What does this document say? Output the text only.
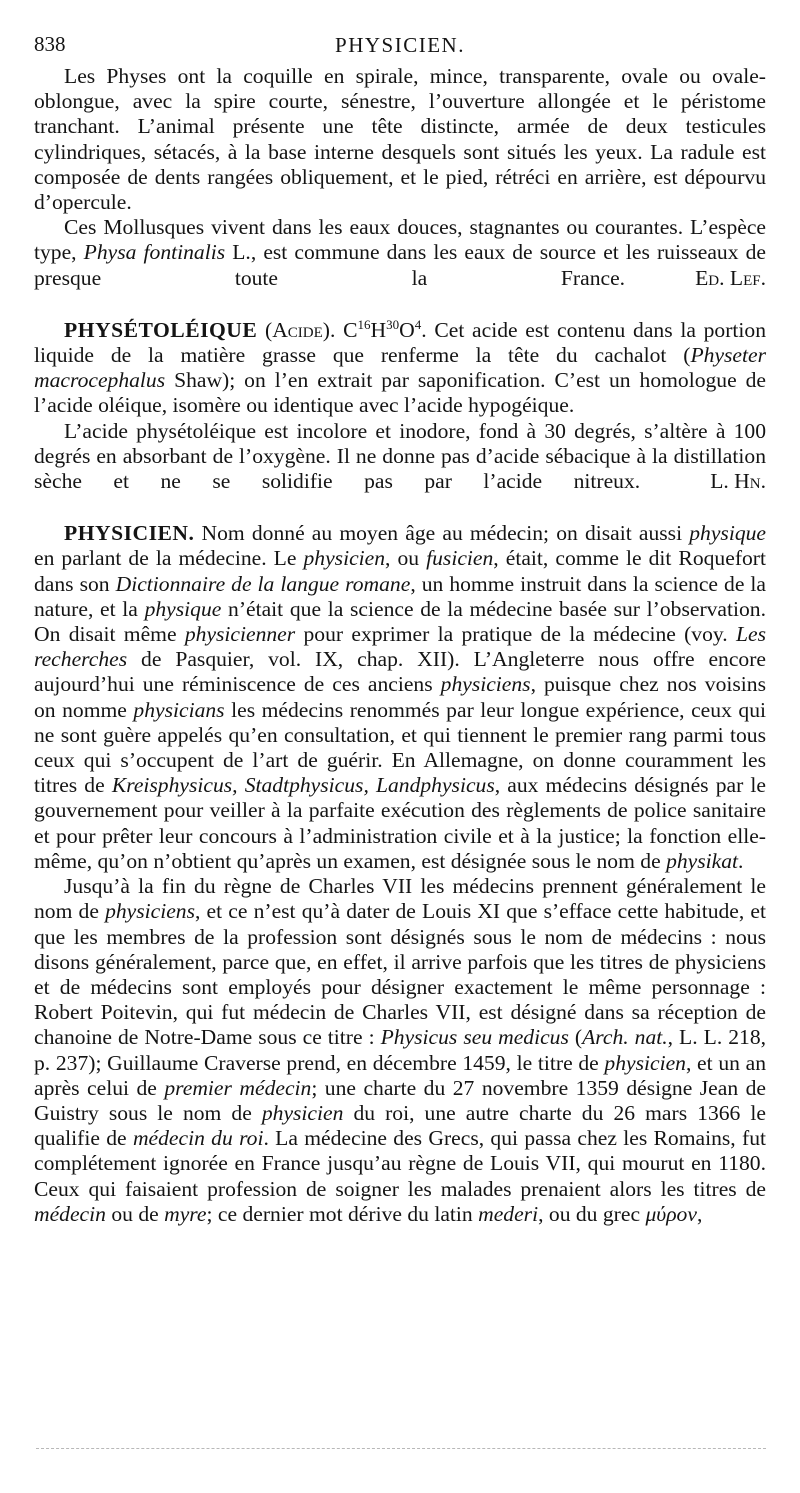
838	PHYSICIEN.

Les Physes ont la coquille en spirale, mince, transparente, ovale ou ovale-oblongue, avec la spire courte, sénestre, l’ouverture allongée et le péristome tranchant. L’animal présente une tête distincte, armée de deux testicules cylindriques, sétacés, à la base interne desquels sont situés les yeux. La radule est composée de dents rangées obliquement, et le pied, rétréci en arrière, est dépourvu d’opercule.

Ces Mollusques vivent dans les eaux douces, stagnantes ou courantes. L’espèce type, Physa fontinalis L., est commune dans les eaux de source et les ruisseaux de presque toute la France.	Ed. Lef.

PHYSÉTOLÉIQUE (Acide). $C^{16}H^{30}O^4$. Cet acide est contenu dans la portion liquide de la matière grasse que renferme la tête du cachalot (Physeter macrocephalus Shaw); on l’en extrait par saponification. C’est un homologue de l’acide oléique, isomère ou identique avec l’acide hypogéique.

L’acide physétoléique est incolore et inodore, fond à 30 degrés, s’altère à 100 degrés en absorbant de l’oxygène. Il ne donne pas d’acide sébacique à la distillation sèche et ne se solidifie pas par l’acide nitreux.	L. Hn.

PHYSICIEN. Nom donné au moyen âge au médecin; on disait aussi physique en parlant de la médecine. Le physicien, ou fusicien, était, comme le dit Roquefort dans son Dictionnaire de la langue romane, un homme instruit dans la science de la nature, et la physique n’était que la science de la médecine basée sur l’observation. On disait même physicienner pour exprimer la pratique de la médecine (voy. Les recherches de Pasquier, vol. IX, chap. XII). L’Angleterre nous offre encore aujourd’hui une réminiscence de ces anciens physiciens, puisque chez nos voisins on nomme physicians les médecins renommés par leur longue expérience, ceux qui ne sont guère appelés qu’en consultation, et qui tiennent le premier rang parmi tous ceux qui s’occupent de l’art de guérir. En Allemagne, on donne couramment les titres de Kreisphysicus, Stadtphysicus, Landphysicus, aux médecins désignés par le gouvernement pour veiller à la parfaite exécution des règlements de police sanitaire et pour prêter leur concours à l’administration civile et à la justice; la fonction elle-même, qu’on n’obtient qu’après un examen, est désignée sous le nom de physikat.

Jusqu’à la fin du règne de Charles VII les médecins prennent généralement le nom de physiciens, et ce n’est qu’à dater de Louis XI que s’efface cette habitude, et que les membres de la profession sont désignés sous le nom de médecins : nous disons généralement, parce que, en effet, il arrive parfois que les titres de physiciens et de médecins sont employés pour désigner exactement le même personnage : Robert Poitevin, qui fut médecin de Charles VII, est désigné dans sa réception de chanoine de Notre-Dame sous ce titre : Physicus seu medicus (Arch. nat., L. L. 218, p. 237); Guillaume Craverse prend, en décembre 1459, le titre de physicien, et un an après celui de premier médecin; une charte du 27 novembre 1359 désigne Jean de Guistry sous le nom de physicien du roi, une autre charte du 26 mars 1366 le qualifie de médecin du roi. La médecine des Grecs, qui passa chez les Romains, fut complétement ignorée en France jusqu’au règne de Louis VII, qui mourut en 1180. Ceux qui faisaient profession de soigner les malades prenaient alors les titres de médecin ou de myre; ce dernier mot dérive du latin mederi, ou du grec μύρον,
